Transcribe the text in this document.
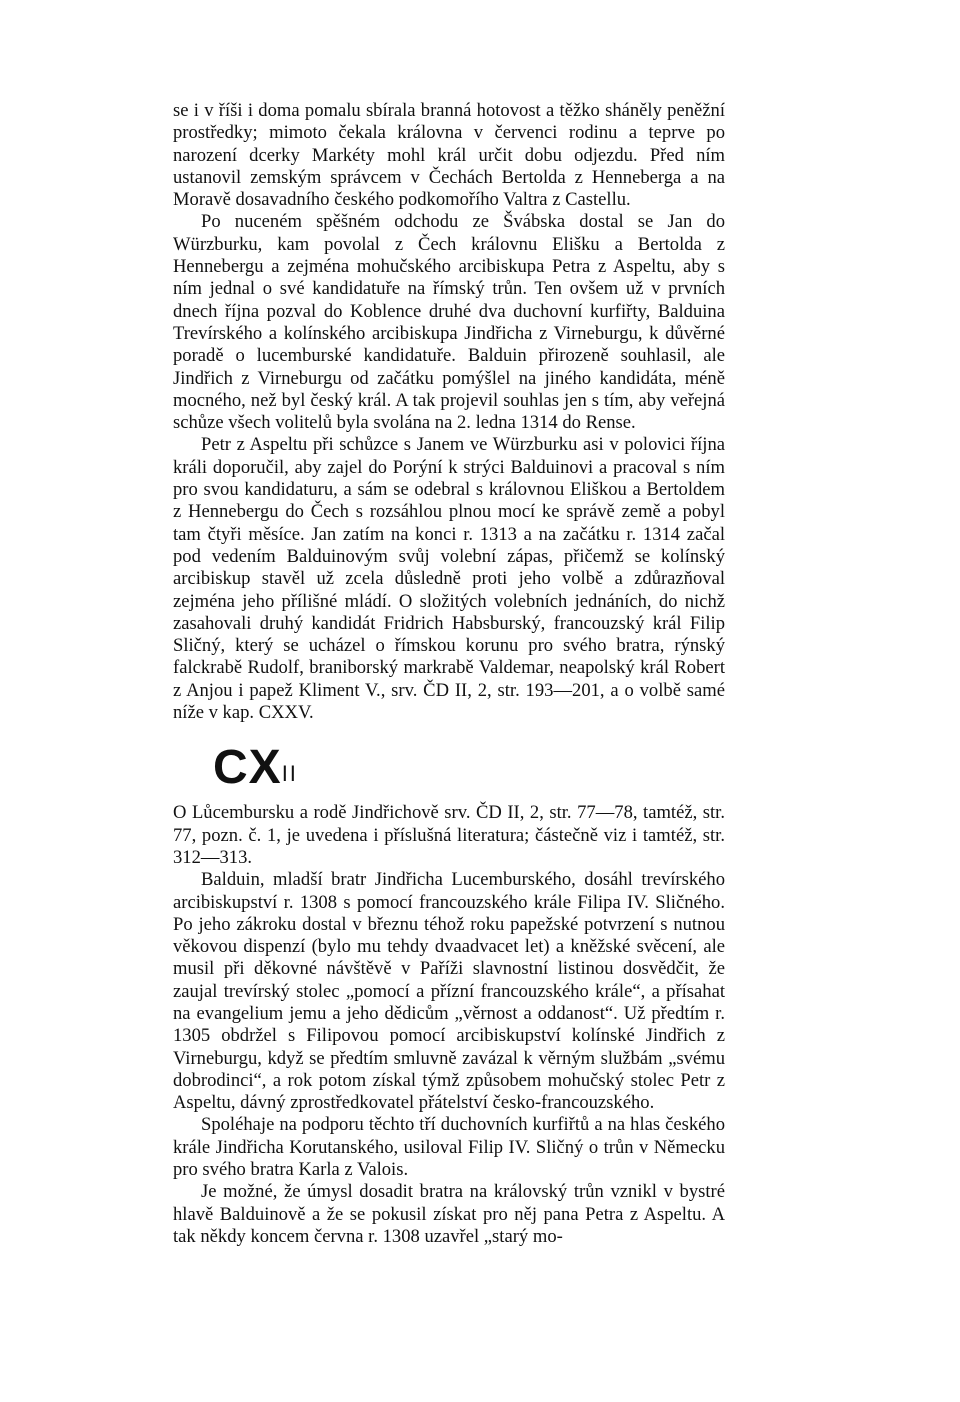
se i v říši i doma pomalu sbírala branná hotovost a těžko sháněly peněžní prostředky; mimoto čekala královna v červenci rodinu a teprve po narození dcerky Markéty mohl král určit dobu odjezdu. Před ním ustanovil zemským správcem v Čechách Bertolda z Henneberga a na Moravě dosavadního českého podkomořího Valtra z Castellu.

Po nuceném spěšném odchodu ze Švábska dostal se Jan do Würzburku, kam povolal z Čech královnu Elišku a Bertolda z Hennebergu a zejména mohučského arcibiskupa Petra z Aspeltu, aby s ním jednal o své kandidatuře na římský trůn. Ten ovšem už v prvních dnech října pozval do Koblence druhé dva duchovní kurfiřty, Balduina Trevírského a kolínského arcibiskupa Jindřicha z Virneburgu, k důvěrné poradě o lucemburské kandidatuře. Balduin přirozeně souhlasil, ale Jindřich z Virneburgu od začátku pomýšlel na jiného kandidáta, méně mocného, než byl český král. A tak projevil souhlas jen s tím, aby veřejná schůze všech volitelů byla svolána na 2. ledna 1314 do Rense.

Petr z Aspeltu při schůzce s Janem ve Würzburku asi v polovici října králi doporučil, aby zajel do Porýní k strýci Balduinovi a pracoval s ním pro svou kandidaturu, a sám se odebral s královnou Eliškou a Bertoldem z Hennebergu do Čech s rozsáhlou plnou mocí ke správě země a pobyl tam čtyři měsíce. Jan zatím na konci r. 1313 a na začátku r. 1314 začal pod vedením Balduinovým svůj volební zápas, přičemž se kolínský arcibiskup stavěl už zcela důsledně proti jeho volbě a zdůrazňoval zejména jeho přílišné mládí. O složitých volebních jednáních, do nichž zasahovali druhý kandidát Fridrich Habsburský, francouzský král Filip Sličný, který se ucházel o římskou korunu pro svého bratra, rýnský falckrabě Rudolf, braniborský markrabě Valdemar, neapolský král Robert z Anjou i papež Kliment V., srv. ČD II, 2, str. 193—201, a o volbě samé níže v kap. CXXV.

$CX^{II}$

O Lůcembursku a rodě Jindřichově srv. ČD II, 2, str. 77—78, tamtéž, str. 77, pozn. č. 1, je uvedena i příslušná literatura; částečně viz i tamtéž, str. 312—313.

Balduin, mladší bratr Jindřicha Lucemburského, dosáhl trevírského arcibiskupství r. 1308 s pomocí francouzského krále Filipa IV. Sličného. Po jeho zákroku dostal v březnu téhož roku papežské potvrzení s nutnou věkovou dispenzí (bylo mu tehdy dvaadvacet let) a kněžské svěcení, ale musil při děkovné návštěvě v Paříži slavnostní listinou dosvědčit, že zaujal trevírský stolec „pomocí a přízní francouzského krále“, a přísahat na evangelium jemu a jeho dědicům „věrnost a oddanost“. Už předtím r. 1305 obdržel s Filipovou pomocí arcibiskupství kolínské Jindřich z Virneburgu, když se předtím smluvně zavázal k věrným službám „svému dobrodinci“, a rok potom získal týmž způsobem mohučský stolec Petr z Aspeltu, dávný zprostředkovatel přátelství česko-francouzského.

Spoléhaje na podporu těchto tří duchovních kurfiřtů a na hlas českého krále Jindřicha Korutanského, usiloval Filip IV. Sličný o trůn v Německu pro svého bratra Karla z Valois.

Je možné, že úmysl dosadit bratra na královský trůn vznikl v bystré hlavě Balduinově a že se pokusil získat pro něj pana Petra z Aspeltu. A tak někdy koncem června r. 1308 uzavřel „starý mo-
